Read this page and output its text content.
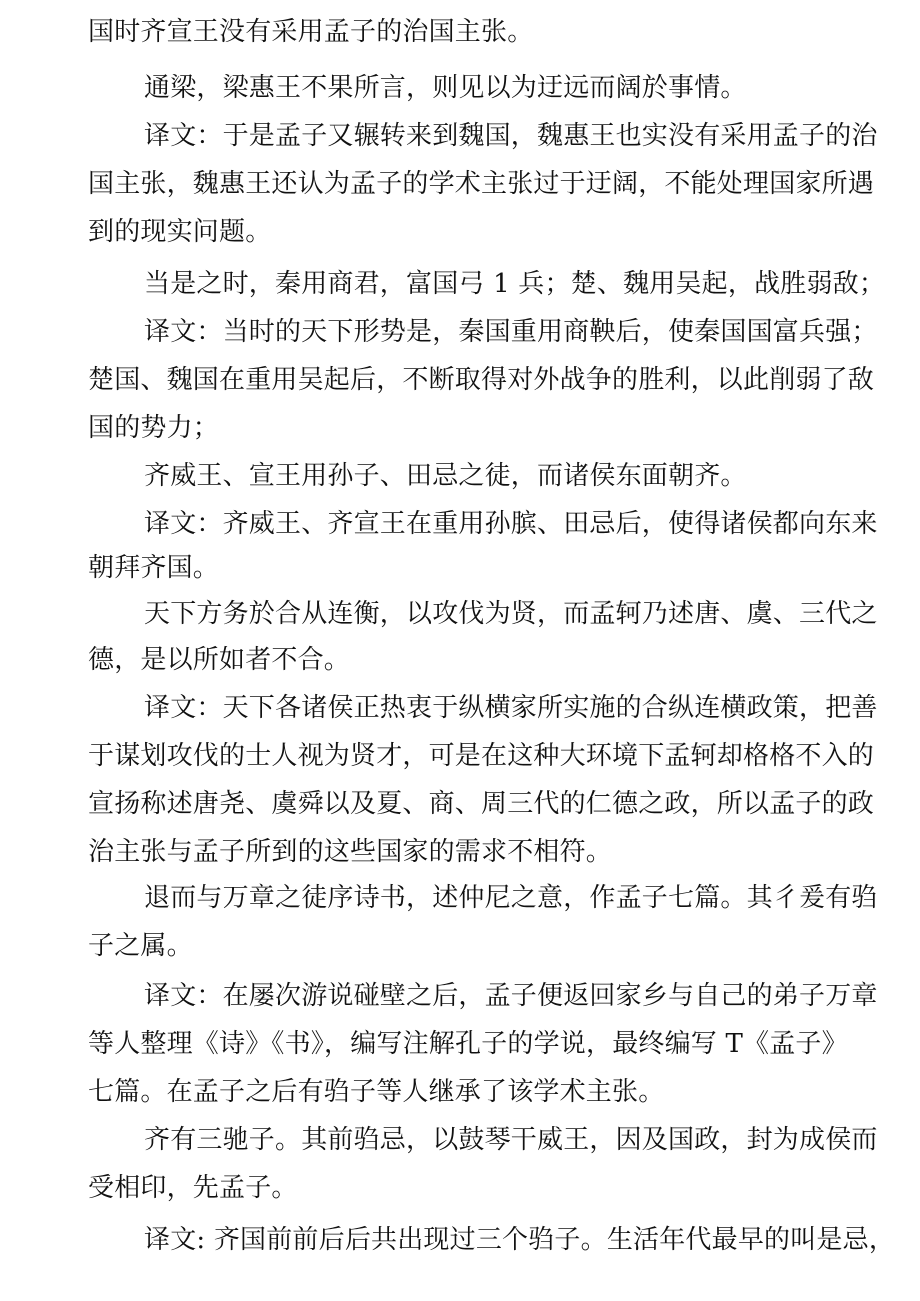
国时齐宣王没有采用孟子的治国主张。
通梁，梁惠王不果所言，则见以为迂远而阔於事情。
译文：于是孟子又辗转来到魏国，魏惠王也实没有采用孟子的治
国主张，魏惠王还认为孟子的学术主张过于迂阔，不能处理国家所遇
到的现实问题。
当是之时，秦用商君，富国弓 1 兵；楚、魏用吴起，战胜弱敌；
译文：当时的天下形势是，秦国重用商鞅后，使秦国国富兵强；
楚国、魏国在重用吴起后，不断取得对外战争的胜利，以此削弱了敌
国的势力；
齐威王、宣王用孙子、田忌之徒，而诸侯东面朝齐。
译文：齐威王、齐宣王在重用孙膑、田忌后，使得诸侯都向东来
朝拜齐国。
天下方务於合从连衡，以攻伐为贤，而孟轲乃述唐、虞、三代之
德，是以所如者不合。
译文：天下各诸侯正热衷于纵横家所实施的合纵连横政策，把善
于谋划攻伐的士人视为贤才，可是在这种大环境下孟轲却格格不入的
宣扬称述唐尧、虞舜以及夏、商、周三代的仁德之政，所以孟子的政
治主张与孟子所到的这些国家的需求不相符。
退而与万章之徒序诗书，述仲尼之意，作孟子七篇。其彳爰有驺
子之属。
译文：在屡次游说碰壁之后，孟子便返回家乡与自己的弟子万章
等人整理《诗》《书》，编写注解孔子的学说，最终编写 T《孟子》
七篇。在孟子之后有驺子等人继承了该学术主张。
齐有三驰子。其前驺忌，以鼓琴干威王，因及国政，封为成侯而
受相印，先孟子。
译文: 齐国前前后后共出现过三个驺子。生活年代最早的叫是忌，
